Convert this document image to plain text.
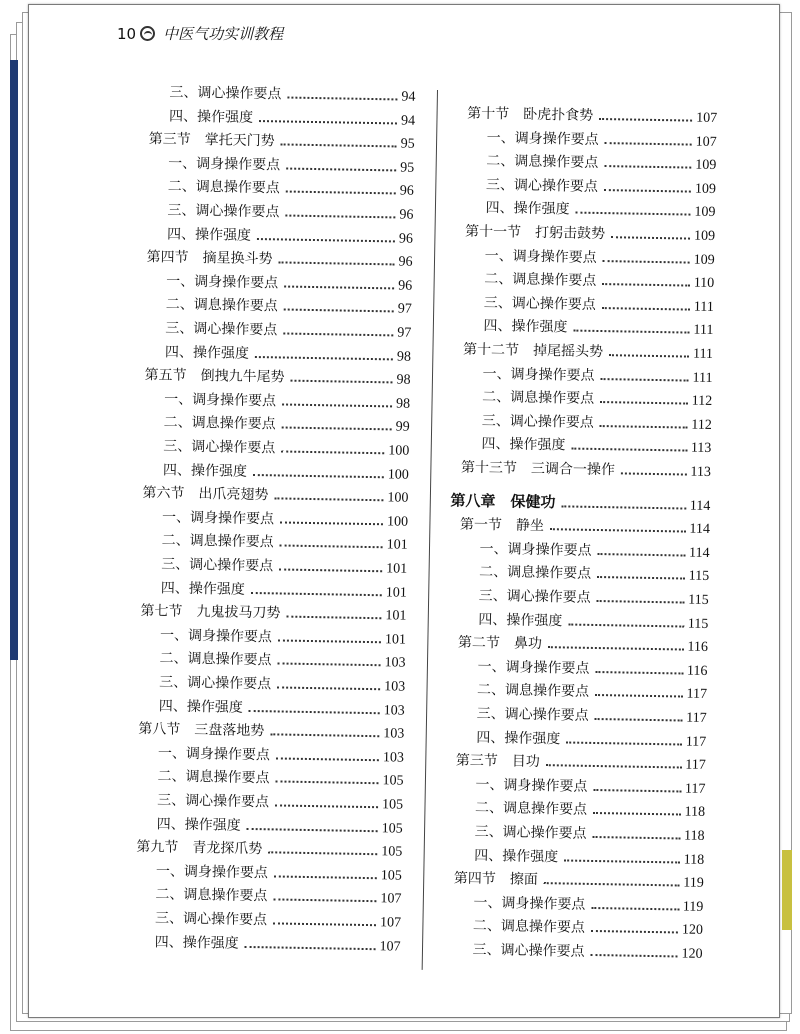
10 中医气功实训教程
三、调心操作要点	94
四、操作强度	94
第三节　掌托天门势	95
一、调身操作要点	95
二、调息操作要点	96
三、调心操作要点	96
四、操作强度	96
第四节　摘星换斗势	96
一、调身操作要点	96
二、调息操作要点	97
三、调心操作要点	97
四、操作强度	98
第五节　倒拽九牛尾势	98
一、调身操作要点	98
二、调息操作要点	99
三、调心操作要点	100
四、操作强度	100
第六节　出爪亮翅势	100
一、调身操作要点	100
二、调息操作要点	101
三、调心操作要点	101
四、操作强度	101
第七节　九鬼拔马刀势	101
一、调身操作要点	101
二、调息操作要点	103
三、调心操作要点	103
四、操作强度	103
第八节　三盘落地势	103
一、调身操作要点	103
二、调息操作要点	105
三、调心操作要点	105
四、操作强度	105
第九节　青龙探爪势	105
一、调身操作要点	105
二、调息操作要点	107
三、调心操作要点	107
四、操作强度	107
第十节　卧虎扑食势	107
一、调身操作要点	107
二、调息操作要点	109
三、调心操作要点	109
四、操作强度	109
第十一节　打躬击鼓势	109
一、调身操作要点	109
二、调息操作要点	110
三、调心操作要点	111
四、操作强度	111
第十二节　掉尾摇头势	111
一、调身操作要点	111
二、调息操作要点	112
三、调心操作要点	112
四、操作强度	113
第十三节　三调合一操作	113
第八章　保健功	114
第一节　静坐	114
一、调身操作要点	114
二、调息操作要点	115
三、调心操作要点	115
四、操作强度	115
第二节　鼻功	116
一、调身操作要点	116
二、调息操作要点	117
三、调心操作要点	117
四、操作强度	117
第三节　目功	117
一、调身操作要点	117
二、调息操作要点	118
三、调心操作要点	118
四、操作强度	118
第四节　擦面	119
一、调身操作要点	119
二、调息操作要点	120
三、调心操作要点	120
